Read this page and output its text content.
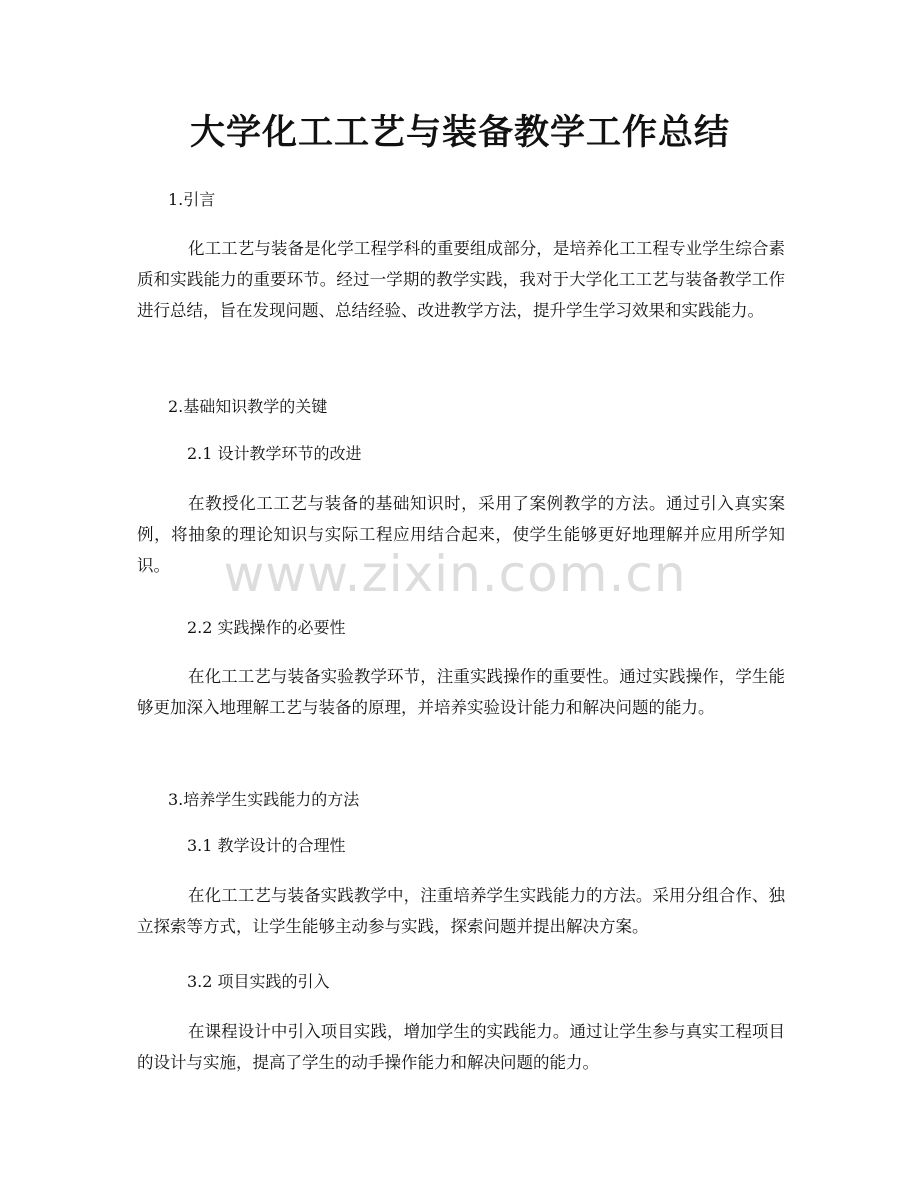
大学化工工艺与装备教学工作总结
1.引言

化工工艺与装备是化学工程学科的重要组成部分，是培养化工工程专业学生综合素质和实践能力的重要环节。经过一学期的教学实践，我对于大学化工工艺与装备教学工作进行总结，旨在发现问题、总结经验、改进教学方法，提升学生学习效果和实践能力。

2.基础知识教学的关键
2.1 设计教学环节的改进

在教授化工工艺与装备的基础知识时，采用了案例教学的方法。通过引入真实案例，将抽象的理论知识与实际工程应用结合起来，使学生能够更好地理解并应用所学知识。

2.2 实践操作的必要性

在化工工艺与装备实验教学环节，注重实践操作的重要性。通过实践操作，学生能够更加深入地理解工艺与装备的原理，并培养实验设计能力和解决问题的能力。

3.培养学生实践能力的方法
3.1 教学设计的合理性

在化工工艺与装备实践教学中，注重培养学生实践能力的方法。采用分组合作、独立探索等方式，让学生能够主动参与实践，探索问题并提出解决方案。

3.2 项目实践的引入

在课程设计中引入项目实践，增加学生的实践能力。通过让学生参与真实工程项目的设计与实施，提高了学生的动手操作能力和解决问题的能力。

www.zixin.com.cn
